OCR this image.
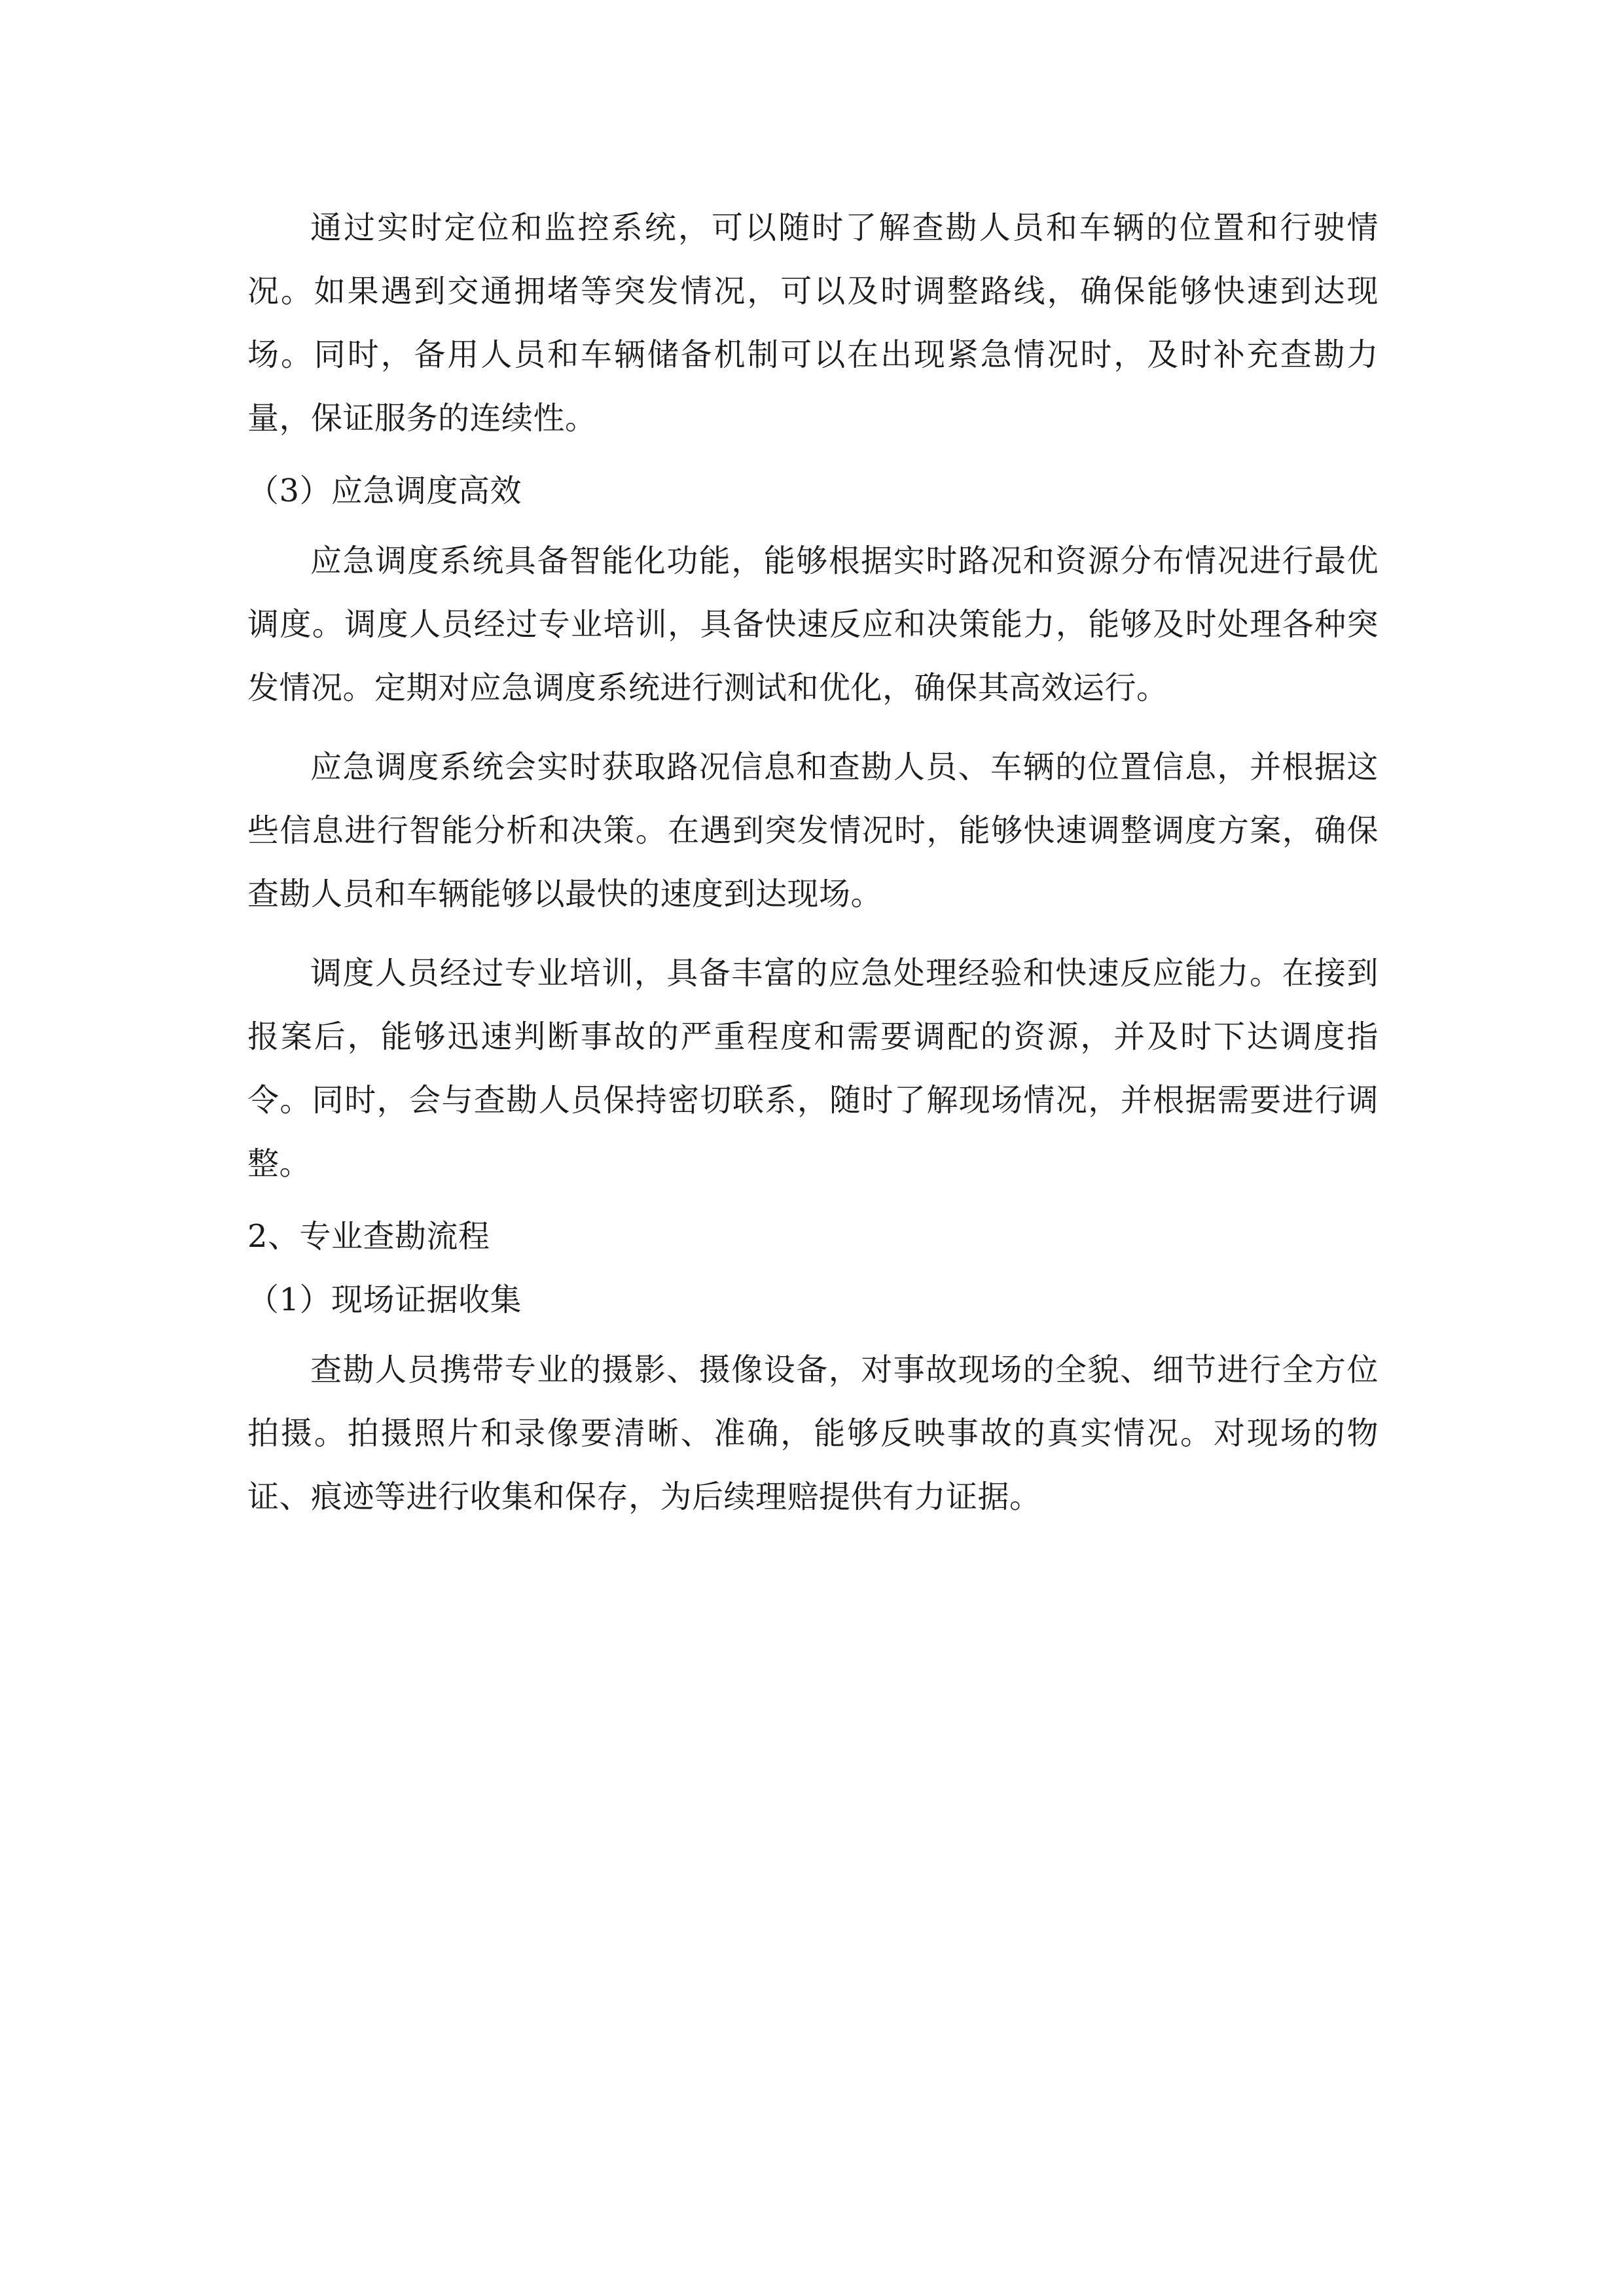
通过实时定位和监控系统，可以随时了解查勘人员和车辆的位置和行驶情况。如果遇到交通拥堵等突发情况，可以及时调整路线，确保能够快速到达现场。同时，备用人员和车辆储备机制可以在出现紧急情况时，及时补充查勘力量，保证服务的连续性。

（3）应急调度高效

应急调度系统具备智能化功能，能够根据实时路况和资源分布情况进行最优调度。调度人员经过专业培训，具备快速反应和决策能力，能够及时处理各种突发情况。定期对应急调度系统进行测试和优化，确保其高效运行。

应急调度系统会实时获取路况信息和查勘人员、车辆的位置信息，并根据这些信息进行智能分析和决策。在遇到突发情况时，能够快速调整调度方案，确保查勘人员和车辆能够以最快的速度到达现场。

调度人员经过专业培训，具备丰富的应急处理经验和快速反应能力。在接到报案后，能够迅速判断事故的严重程度和需要调配的资源，并及时下达调度指令。同时，会与查勘人员保持密切联系，随时了解现场情况，并根据需要进行调整。

2、专业查勘流程

（1）现场证据收集

查勘人员携带专业的摄影、摄像设备，对事故现场的全貌、细节进行全方位拍摄。拍摄照片和录像要清晰、准确，能够反映事故的真实情况。对现场的物证、痕迹等进行收集和保存，为后续理赔提供有力证据。
